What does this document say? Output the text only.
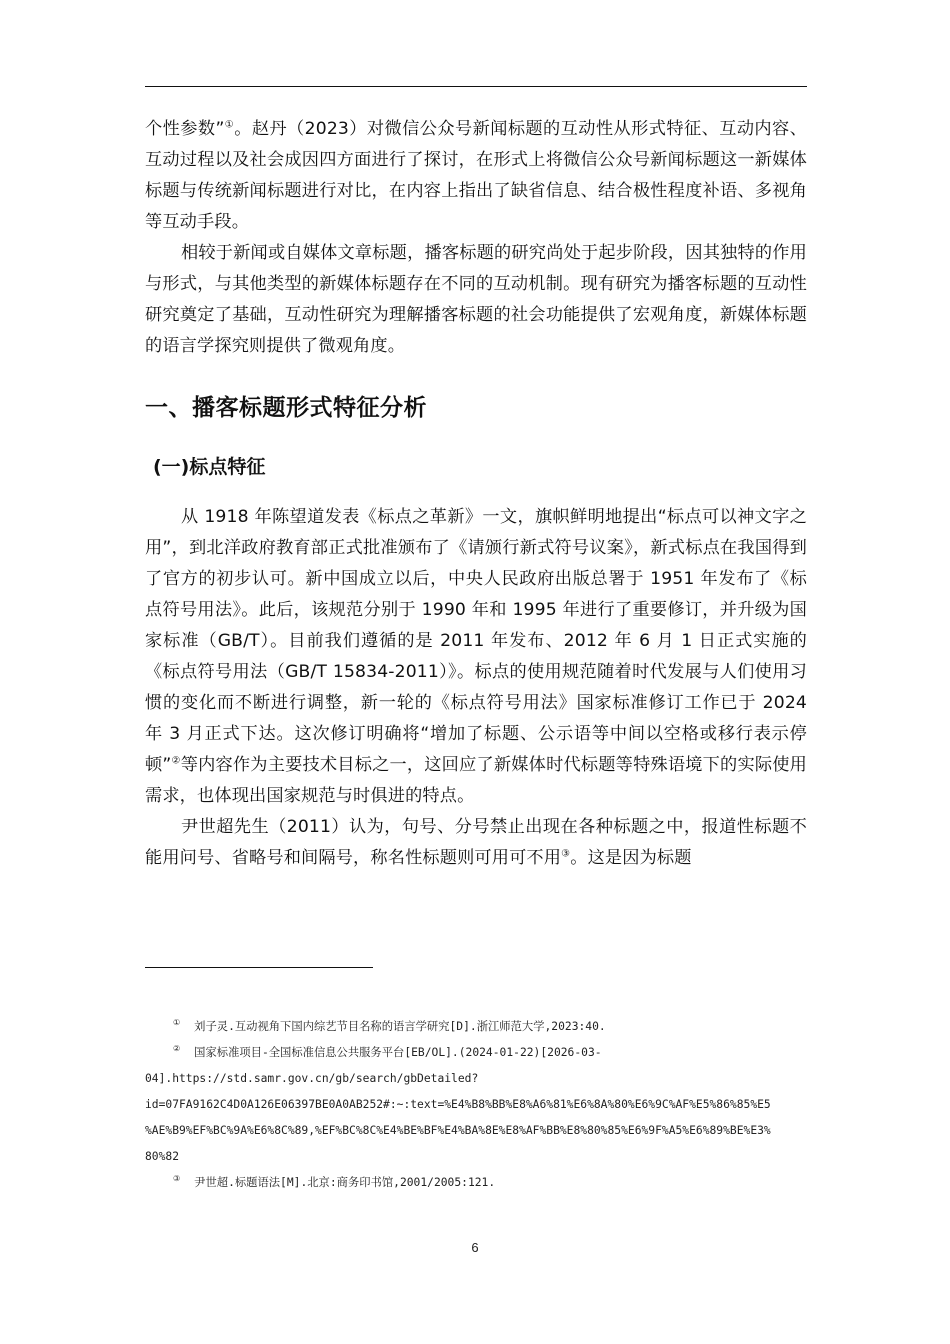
个性参数”①。赵丹（2023）对微信公众号新闻标题的互动性从形式特征、互动内容、互动过程以及社会成因四方面进行了探讨，在形式上将微信公众号新闻标题这一新媒体标题与传统新闻标题进行对比，在内容上指出了缺省信息、结合极性程度补语、多视角等互动手段。

相较于新闻或自媒体文章标题，播客标题的研究尚处于起步阶段，因其独特的作用与形式，与其他类型的新媒体标题存在不同的互动机制。现有研究为播客标题的互动性研究奠定了基础，互动性研究为理解播客标题的社会功能提供了宏观角度，新媒体标题的语言学探究则提供了微观角度。

一、播客标题形式特征分析
(一)标点特征

从 1918 年陈望道发表《标点之革新》一文，旗帜鲜明地提出“标点可以神文字之用”，到北洋政府教育部正式批准颁布了《请颁行新式符号议案》，新式标点在我国得到了官方的初步认可。新中国成立以后，中央人民政府出版总署于 1951 年发布了《标点符号用法》。此后，该规范分别于 1990 年和 1995 年进行了重要修订，并升级为国家标准（GB/T）。目前我们遵循的是 2011 年发布、2012 年 6 月 1 日正式实施的《标点符号用法（GB/T 15834-2011）》。标点的使用规范随着时代发展与人们使用习惯的变化而不断进行调整，新一轮的《标点符号用法》国家标准修订工作已于 2024 年 3 月正式下达。这次修订明确将“增加了标题、公示语等中间以空格或移行表示停顿”②等内容作为主要技术目标之一，这回应了新媒体时代标题等特殊语境下的实际使用需求，也体现出国家规范与时俱进的特点。

尹世超先生（2011）认为，句号、分号禁止出现在各种标题之中，报道性标题不能用问号、省略号和间隔号，称名性标题则可用可不用③。这是因为标题

① 刘子灵.互动视角下国内综艺节目名称的语言学研究[D].浙江师范大学,2023:40.

② 国家标准项目-全国标准信息公共服务平台[EB/OL].(2024-01-22)[2026-03-

04].https://std.samr.gov.cn/gb/search/gbDetailed?

id=07FA9162C4D0A126E06397BE0A0AB252#:~:text=%E4%B8%BB%E8%A6%81%E6%8A%80%E6%9C%AF%E5%86%85%E5

%AE%B9%EF%BC%9A%E6%8C%89,%EF%BC%8C%E4%BE%BF%E4%BA%8E%E8%AF%BB%E8%80%85%E6%9F%A5%E6%89%BE%E3%

80%82

③ 尹世超.标题语法[M].北京:商务印书馆,2001/2005:121.

6
